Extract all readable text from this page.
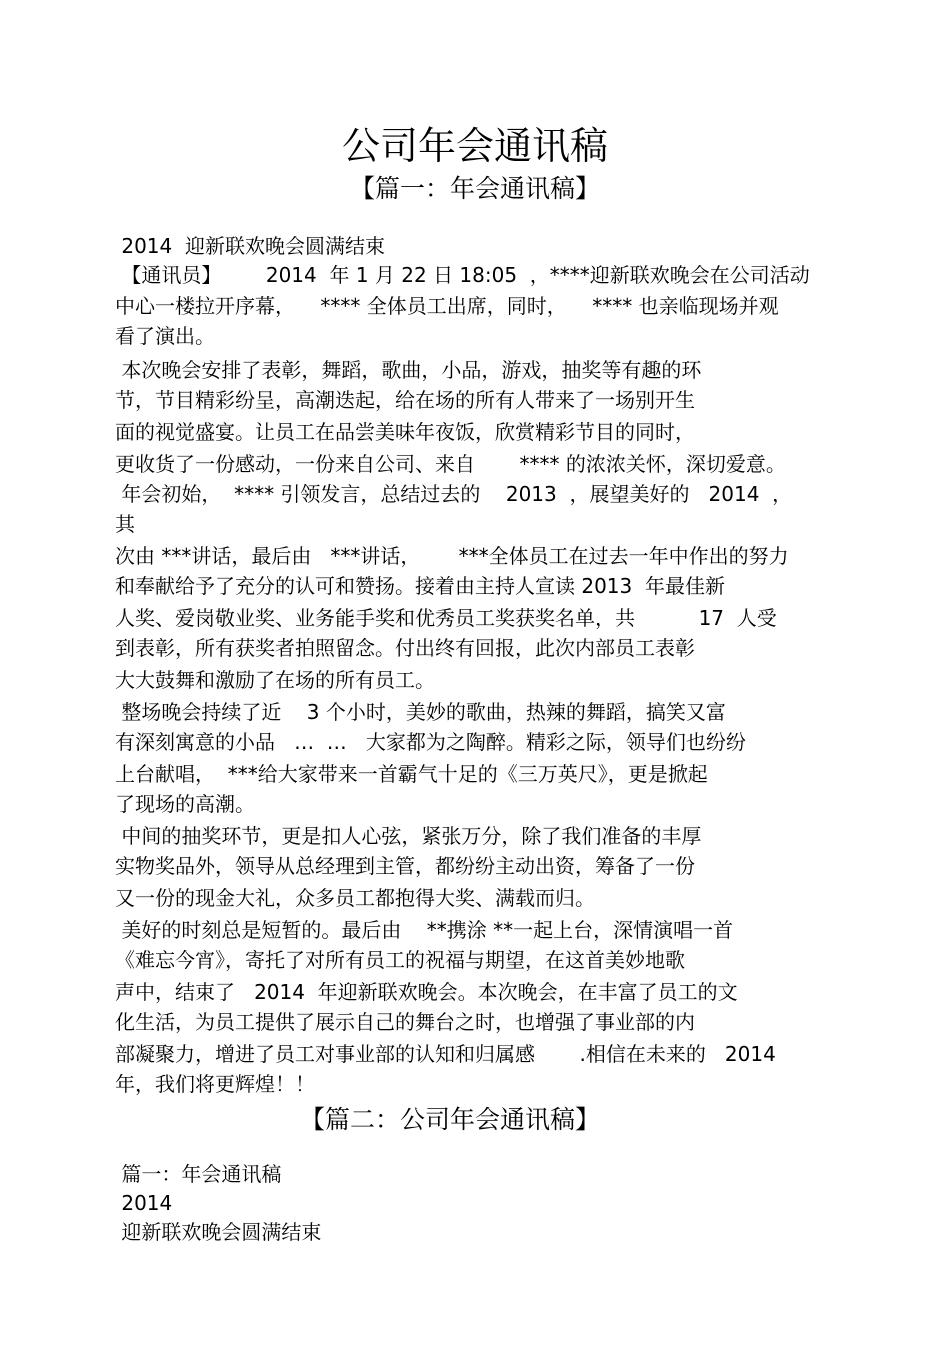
公司年会通讯稿
【篇一：年会通讯稿】
2014  迎新联欢晚会圆满结束
【通讯员】       2014  年 1 月 22 日 18:05  ，****迎新联欢晚会在公司活动
中心一楼拉开序幕，    **** 全体员工出席，同时，    **** 也亲临现场并观
看了演出。
本次晚会安排了表彰，舞蹈，歌曲，小品，游戏，抽奖等有趣的环
节，节目精彩纷呈，高潮迭起，给在场的所有人带来了一场别开生
面的视觉盛宴。让员工在品尝美味年夜饭，欣赏精彩节目的同时，
更收货了一份感动，一份来自公司、来自       **** 的浓浓关怀，深切爱意。
年会初始，  **** 引领发言，总结过去的    2013  ，展望美好的   2014  ，
其
次由 ***讲话，最后由   ***讲话，      ***全体员工在过去一年中作出的努力
和奉献给予了充分的认可和赞扬。接着由主持人宣读 2013  年最佳新
人奖、爱岗敬业奖、业务能手奖和优秀员工奖获奖名单，共          17  人受
到表彰，所有获奖者拍照留念。付出终有回报，此次内部员工表彰
大大鼓舞和激励了在场的所有员工。
整场晚会持续了近    3 个小时，美妙的歌曲，热辣的舞蹈，搞笑又富
有深刻寓意的小品   …  …   大家都为之陶醉。精彩之际，领导们也纷纷
上台献唱，  ***给大家带来一首霸气十足的《三万英尺》，更是掀起
了现场的高潮。
中间的抽奖环节，更是扣人心弦，紧张万分，除了我们准备的丰厚
实物奖品外，领导从总经理到主管，都纷纷主动出资，筹备了一份
又一份的现金大礼，众多员工都抱得大奖、满载而归。
美好的时刻总是短暂的。最后由    **携涂 **一起上台，深情演唱一首
《难忘今宵》，寄托了对所有员工的祝福与期望，在这首美妙地歌
声中，结束了   2014  年迎新联欢晚会。本次晚会，在丰富了员工的文
化生活，为员工提供了展示自己的舞台之时，也增强了事业部的内
部凝聚力，增进了员工对事业部的认知和归属感       .相信在未来的   2014
年，我们将更辉煌！！
【篇二：公司年会通讯稿】
篇一：年会通讯稿
2014
迎新联欢晚会圆满结束
